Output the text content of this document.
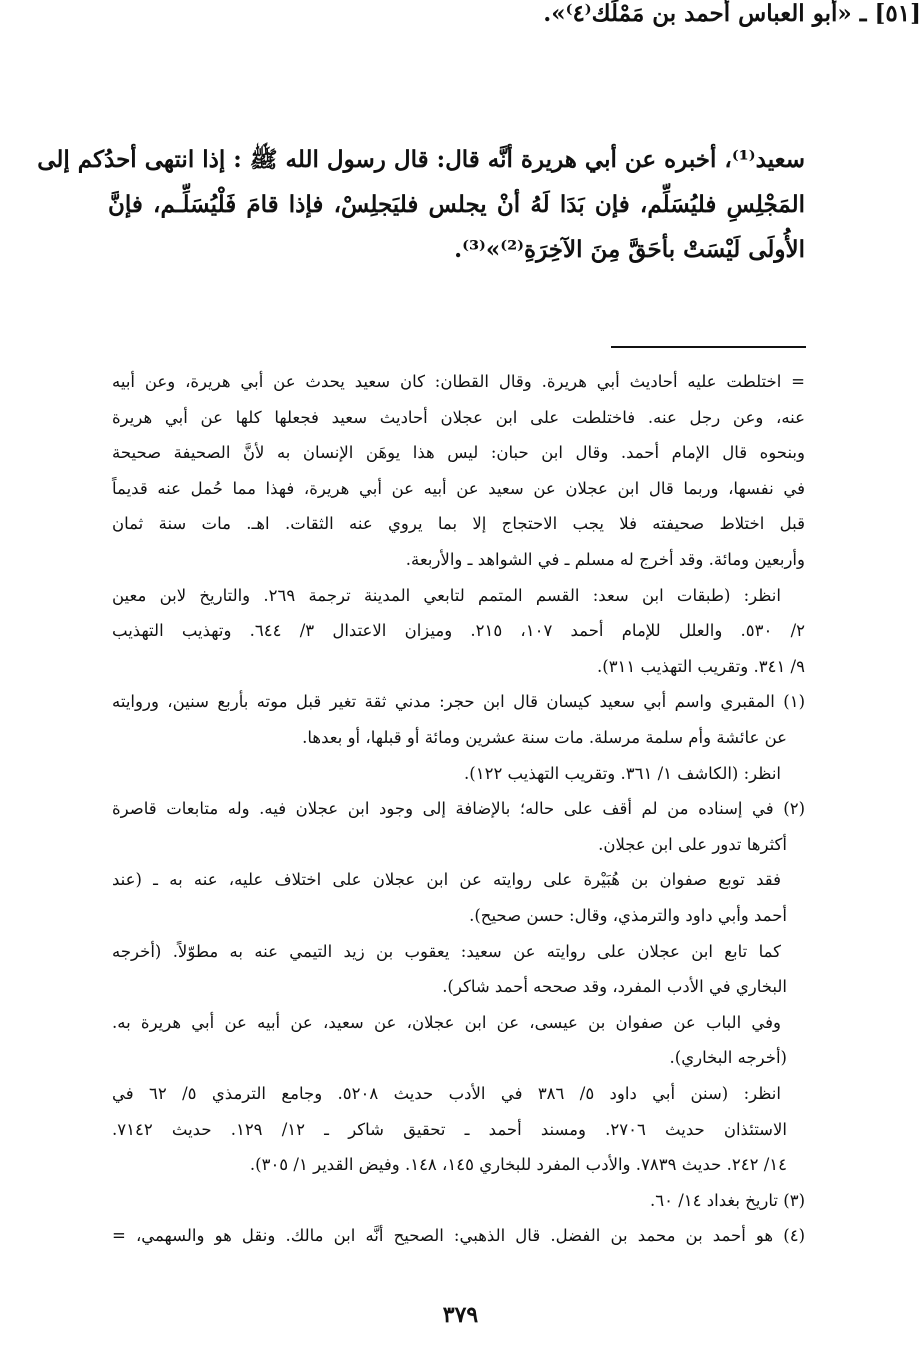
سعيد⁽¹⁾، أخبره عن أبي هريرة أنَّه قال: قال رسول الله ﷺ : إذا انتهى أحدُكم إلى
المَجْلِسِ فليُسَلِّم، فإن بَدَا لَهُ أنْ يجلس فليَجلِسْ، فإذا قامَ فَلْيُسَلِّـم، فإنَّ
الأُولَى لَيْسَتْ بأحَقَّ مِنَ الآخِرَةِ⁽²⁾»⁽³⁾.
[٥١] ـ «أبو العباس أحمد بن مَمْلَك⁽٤⁾».
= اختلطت عليه أحاديث أبي هريرة. وقال القطان: كان سعيد يحدث عن أبي هريرة، وعن أبيه
عنه، وعن رجل عنه. فاختلطت على ابن عجلان أحاديث سعيد فجعلها كلها عن أبي هريرة
وبنحوه قال الإمام أحمد. وقال ابن حبان: ليس هذا يوهَن الإنسان به لأنَّ الصحيفة صحيحة
في نفسها، وربما قال ابن عجلان عن سعيد عن أبيه عن أبي هريرة، فهذا مما حُمل عنه قديماً
قبل اختلاط صحيفته فلا يجب الاحتجاج إلا بما يروي عنه الثقات. اهـ. مات سنة ثمان
وأربعين ومائة. وقد أخرج له مسلم ـ في الشواهد ـ والأربعة.
انظر: (طبقات ابن سعد: القسم المتمم لتابعي المدينة ترجمة ٢٦٩. والتاريخ لابن معين
٢/ ٥٣٠. والعلل للإمام أحمد ١٠٧، ٢١٥. وميزان الاعتدال ٣/ ٦٤٤. وتهذيب التهذيب
٩/ ٣٤١. وتقريب التهذيب ٣١١).
(١) المقبري واسم أبي سعيد كيسان قال ابن حجر: مدني ثقة تغير قبل موته بأربع سنين، وروايته
عن عائشة وأم سلمة مرسلة. مات سنة عشرين ومائة أو قبلها، أو بعدها.
انظر: (الكاشف ١/ ٣٦١. وتقريب التهذيب ١٢٢).
(٢) في إسناده من لم أقف على حاله؛ بالإضافة إلى وجود ابن عجلان فيه. وله متابعات قاصرة
أكثرها تدور على ابن عجلان.
فقد توبع صفوان بن هُبَيْرة على روايته عن ابن عجلان على اختلاف عليه، عنه به ـ (عند
أحمد وأبي داود والترمذي، وقال: حسن صحيح).
كما تابع ابن عجلان على روايته عن سعيد: يعقوب بن زيد التيمي عنه به مطوّلاً. (أخرجه
البخاري في الأدب المفرد، وقد صححه أحمد شاكر).
وفي الباب عن صفوان بن عيسى، عن ابن عجلان، عن سعيد، عن أبيه عن أبي هريرة به.
(أخرجه البخاري).
انظر: (سنن أبي داود ٥/ ٣٨٦ في الأدب حديث ٥٢٠٨. وجامع الترمذي ٥/ ٦٢ في
الاستئذان حديث ٢٧٠٦. ومسند أحمد ـ تحقيق شاكر ـ ١٢/ ١٢٩. حديث ٧١٤٢.
١٤/ ٢٤٢. حديث ٧٨٣٩. والأدب المفرد للبخاري ١٤٥، ١٤٨. وفيض القدير ١/ ٣٠٥).
(٣) تاريخ بغداد ١٤/ ٦٠.
(٤) هو أحمد بن محمد بن الفضل. قال الذهبي: الصحيح أنَّه ابن مالك. ونقل هو والسهمي، =
٣٧٩
